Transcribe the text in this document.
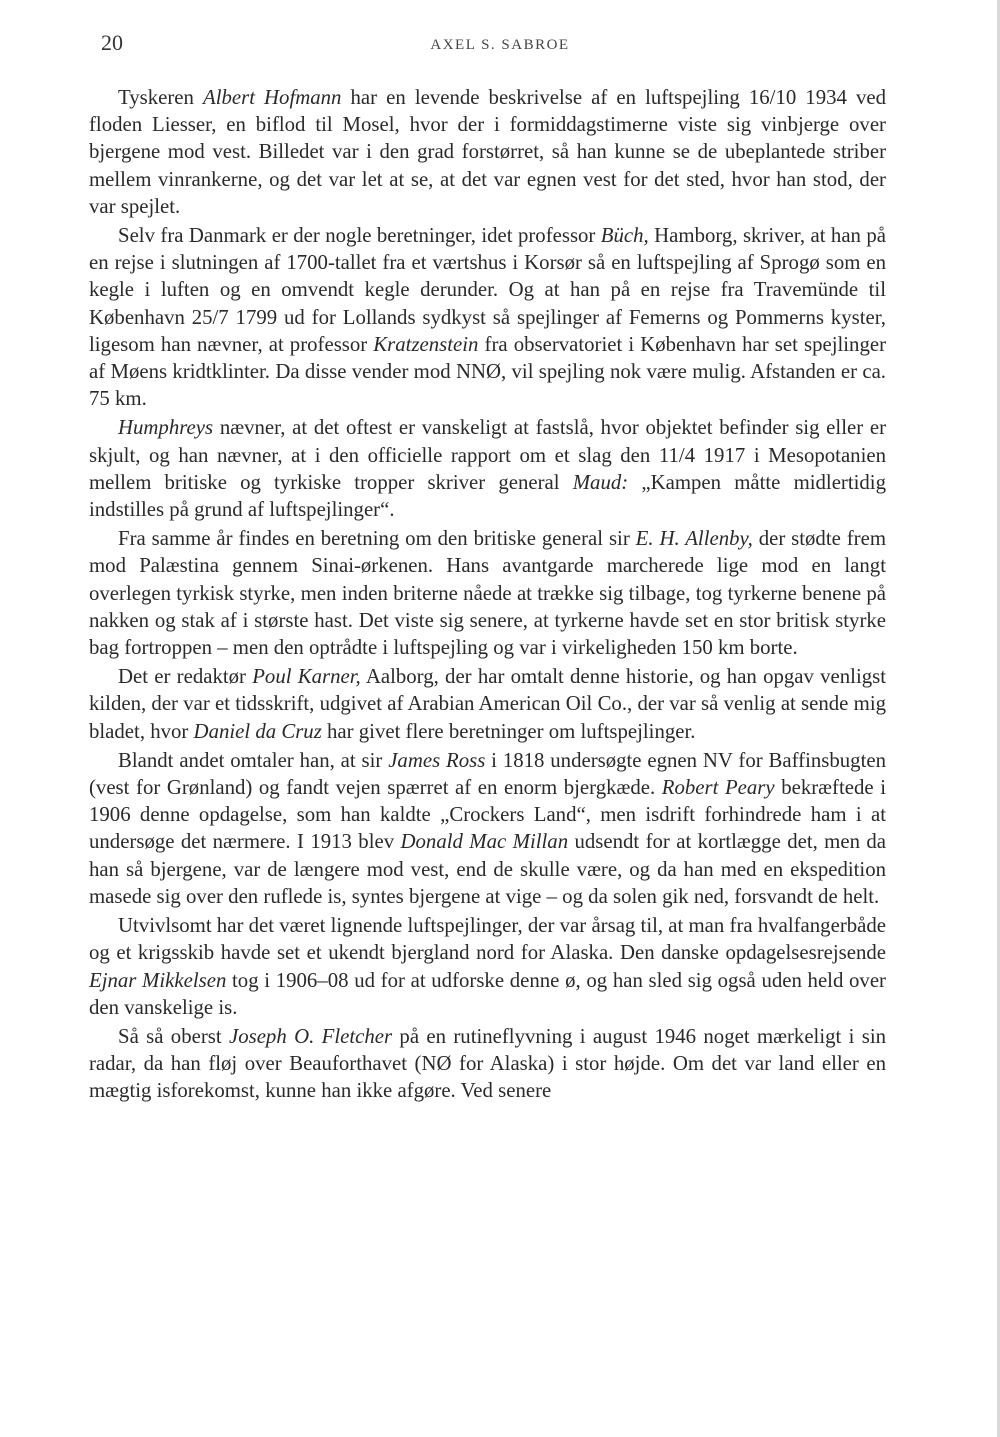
20	AXEL S. SABROE

Tyskeren Albert Hofmann har en levende beskrivelse af en luftspejling 16/10 1934 ved floden Liesser, en biflod til Mosel, hvor der i formiddagstimerne viste sig vinbjerge over bjergene mod vest. Billedet var i den grad forstørret, så han kunne se de ubeplantede striber mellem vinrankerne, og det var let at se, at det var egnen vest for det sted, hvor han stod, der var spejlet.

Selv fra Danmark er der nogle beretninger, idet professor Büch, Hamborg, skriver, at han på en rejse i slutningen af 1700-tallet fra et værtshus i Korsør så en luftspejling af Sprogø som en kegle i luften og en omvendt kegle derunder. Og at han på en rejse fra Travemünde til København 25/7 1799 ud for Lollands sydkyst så spejlinger af Femerns og Pommerns kyster, ligesom han nævner, at professor Kratzenstein fra observatoriet i København har set spejlinger af Møens kridtklinter. Da disse vender mod NNØ, vil spejling nok være mulig. Afstanden er ca. 75 km.

Humphreys nævner, at det oftest er vanskeligt at fastslå, hvor objektet befinder sig eller er skjult, og han nævner, at i den officielle rapport om et slag den 11/4 1917 i Mesopotanien mellem britiske og tyrkiske tropper skriver general Maud: „Kampen måtte midlertidig indstilles på grund af luftspejlinger“.

Fra samme år findes en beretning om den britiske general sir E. H. Allenby, der stødte frem mod Palæstina gennem Sinai-ørkenen. Hans avantgarde marcherede lige mod en langt overlegen tyrkisk styrke, men inden briterne nåede at trække sig tilbage, tog tyrkerne benene på nakken og stak af i største hast. Det viste sig senere, at tyrkerne havde set en stor britisk styrke bag fortroppen – men den optrådte i luftspejling og var i virkeligheden 150 km borte.

Det er redaktør Poul Karner, Aalborg, der har omtalt denne historie, og han opgav venligst kilden, der var et tidsskrift, udgivet af Arabian American Oil Co., der var så venlig at sende mig bladet, hvor Daniel da Cruz har givet flere beretninger om luftspejlinger.

Blandt andet omtaler han, at sir James Ross i 1818 undersøgte egnen NV for Baffinsbugten (vest for Grønland) og fandt vejen spærret af en enorm bjergkæde. Robert Peary bekræftede i 1906 denne opdagelse, som han kaldte „Crockers Land“, men isdrift forhindrede ham i at undersøge det nærmere. I 1913 blev Donald Mac Millan udsendt for at kortlægge det, men da han så bjergene, var de længere mod vest, end de skulle være, og da han med en ekspedition masede sig over den ruflede is, syntes bjergene at vige – og da solen gik ned, forsvandt de helt.

Utvivlsomt har det været lignende luftspejlinger, der var årsag til, at man fra hvalfangerbåde og et krigsskib havde set et ukendt bjergland nord for Alaska. Den danske opdagelsesrejsende Ejnar Mikkelsen tog i 1906–08 ud for at udforske denne ø, og han sled sig også uden held over den vanskelige is.

Så så oberst Joseph O. Fletcher på en rutineflyvning i august 1946 noget mærkeligt i sin radar, da han fløj over Beauforthavet (NØ for Alaska) i stor højde. Om det var land eller en mægtig isforekomst, kunne han ikke afgøre. Ved senere
